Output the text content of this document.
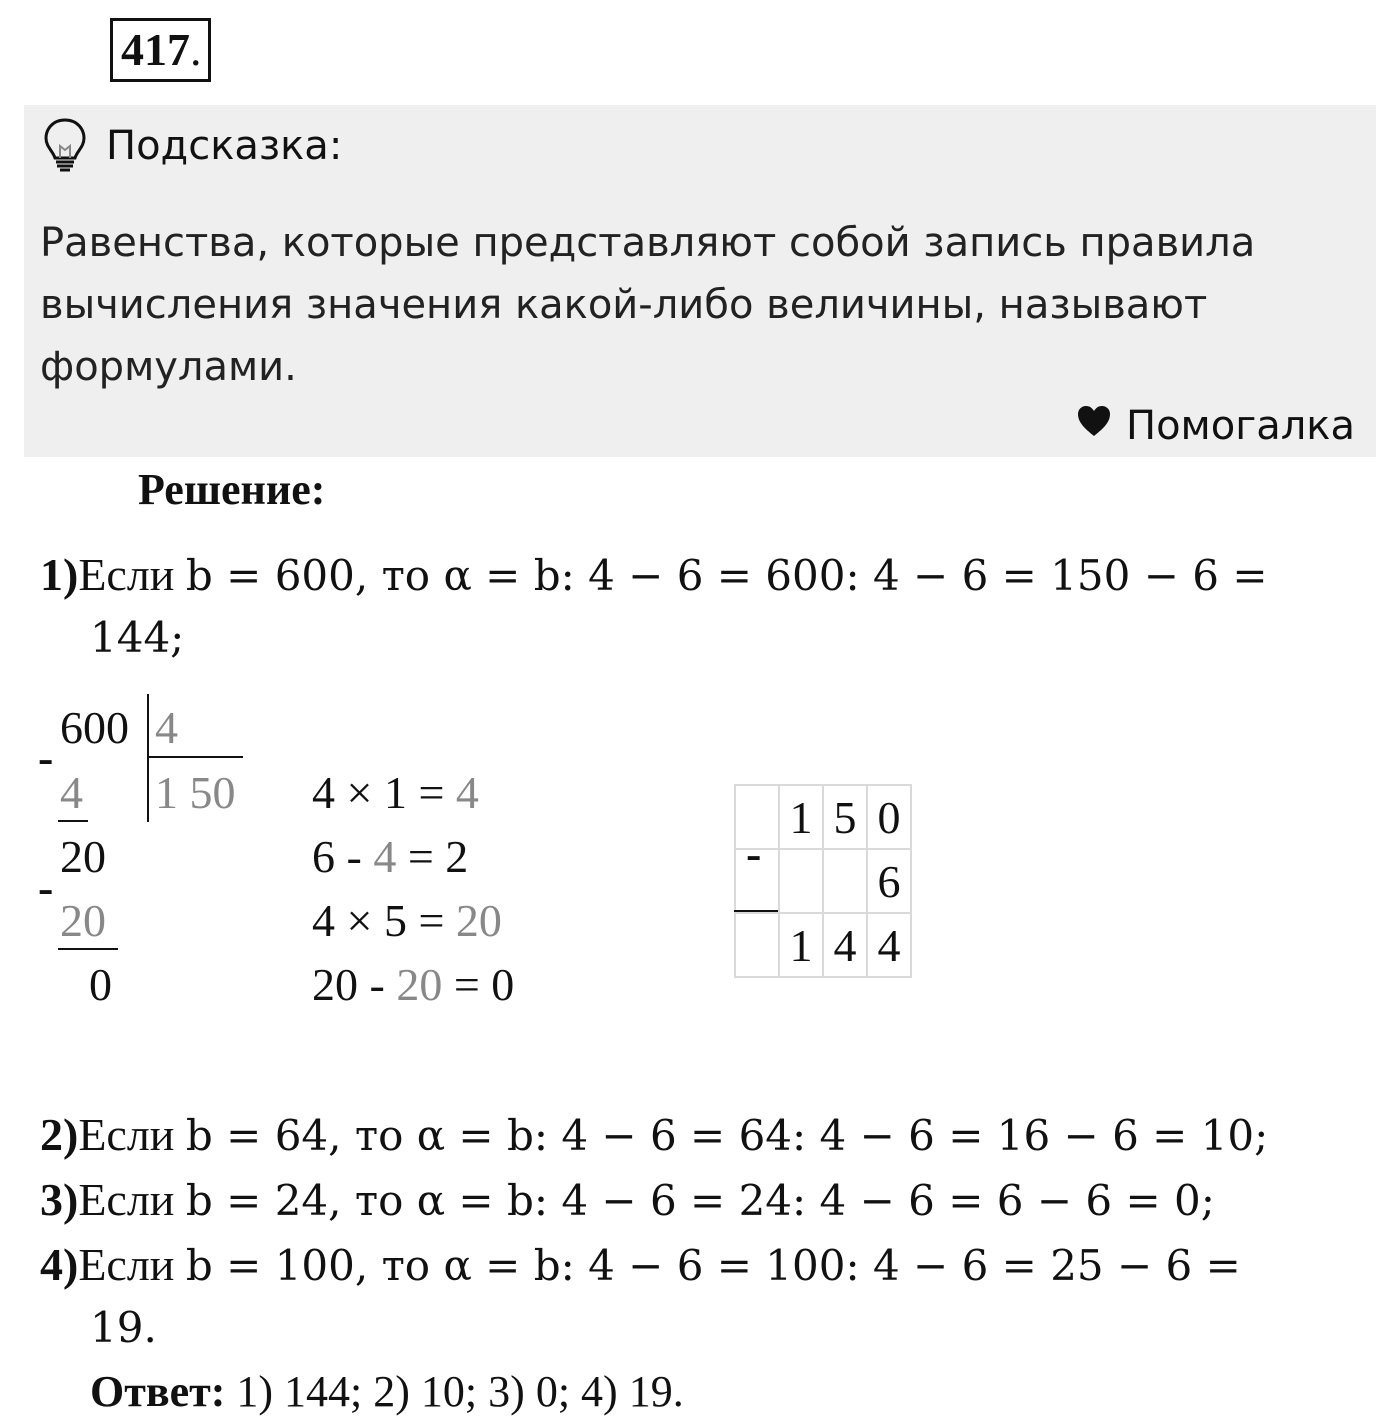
417.
Подсказка:
Равенства, которые представляют собой запись правила вычисления значения какой-либо величины, называют формулами.
Помогалка
Решение:
1)Если b = 600, то α = b: 4 − 6 = 600: 4 − 6 = 150 − 6 =
144;
600 4
1 50
-
4
20
-
20
0
4 × 1 = 4
6 - 4 = 2
4 × 5 = 20
20 - 20 = 0
	1	5	0
			6
	1	4	4
-
2)Если b = 64, то α = b: 4 − 6 = 64: 4 − 6 = 16 − 6 = 10;
3)Если b = 24, то α = b: 4 − 6 = 24: 4 − 6 = 6 − 6 = 0;
4)Если b = 100, то α = b: 4 − 6 = 100: 4 − 6 = 25 − 6 =
19.
Ответ: 1) 144; 2) 10; 3) 0; 4) 19.
